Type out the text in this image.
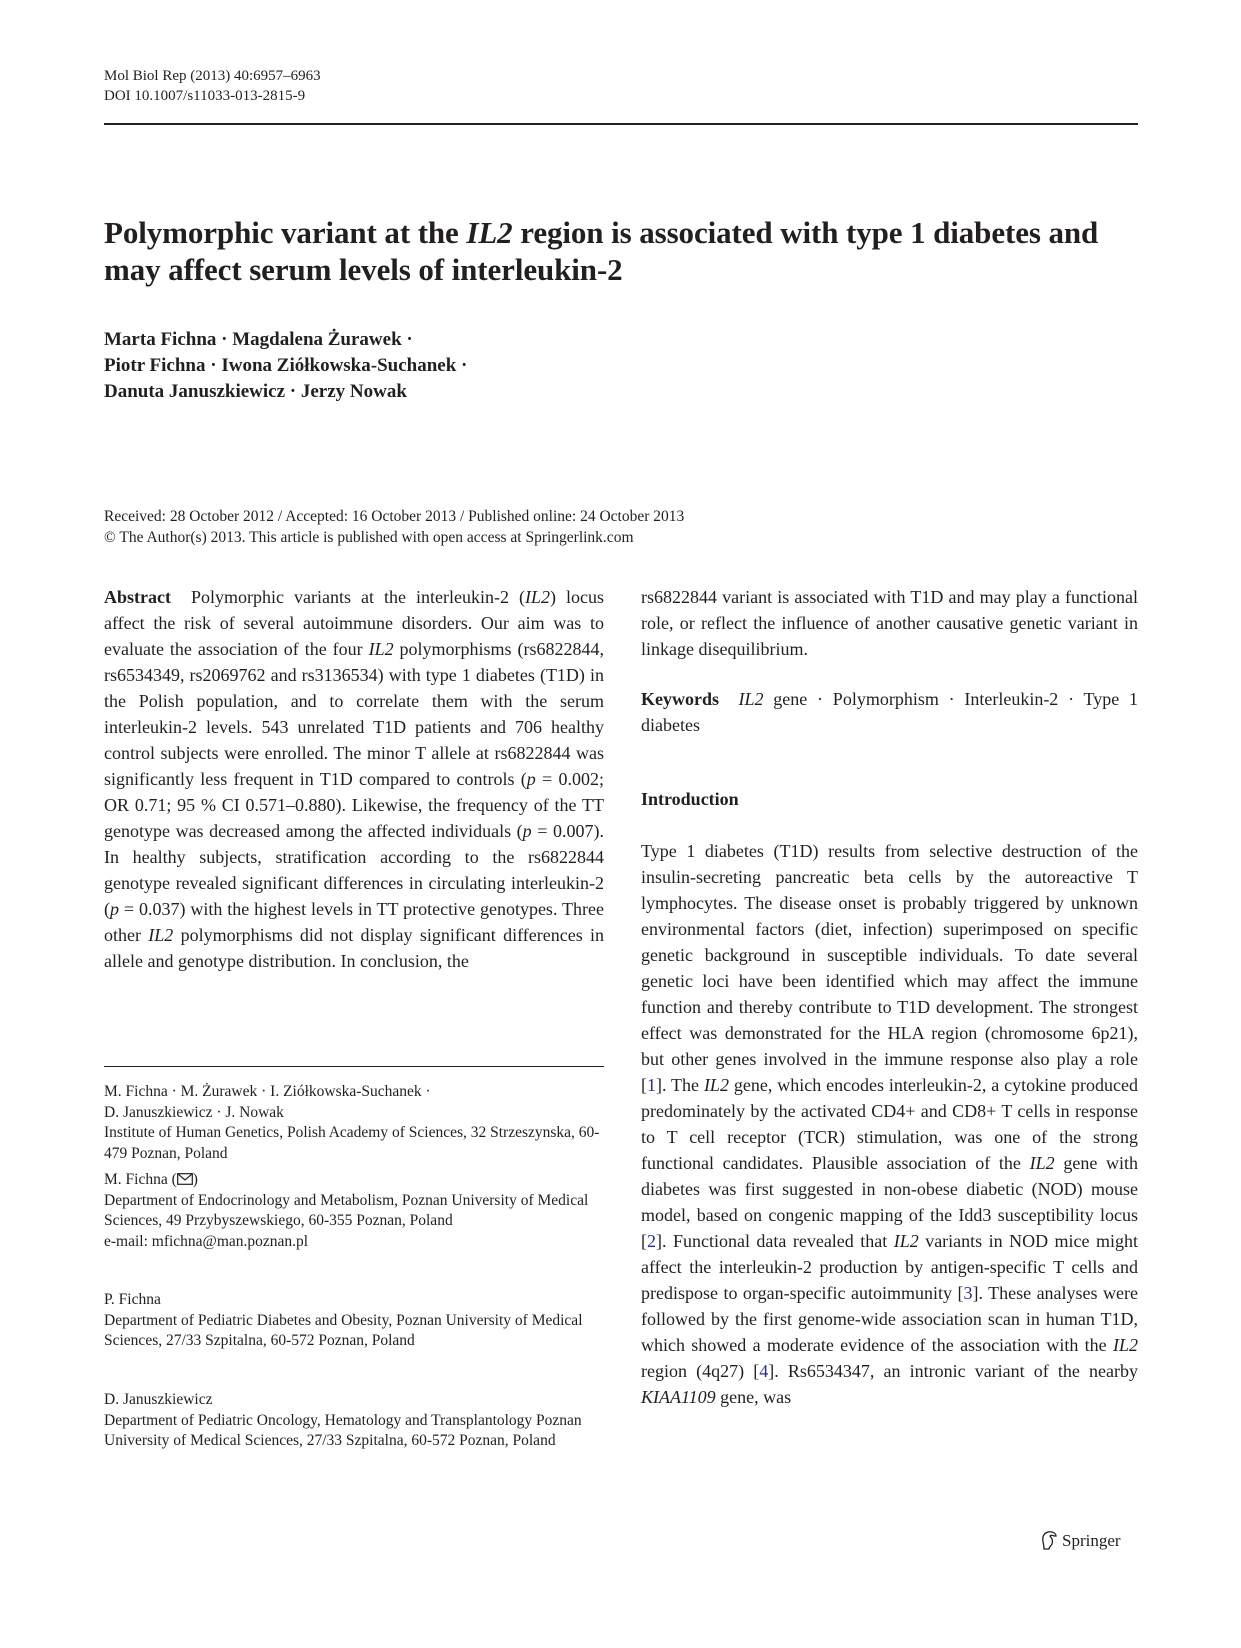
Mol Biol Rep (2013) 40:6957–6963
DOI 10.1007/s11033-013-2815-9
Polymorphic variant at the IL2 region is associated with type 1 diabetes and may affect serum levels of interleukin-2
Marta Fichna · Magdalena Żurawek ·
Piotr Fichna · Iwona Ziółkowska-Suchanek ·
Danuta Januszkiewicz · Jerzy Nowak
Received: 28 October 2012 / Accepted: 16 October 2013 / Published online: 24 October 2013
© The Author(s) 2013. This article is published with open access at Springerlink.com

Abstract Polymorphic variants at the interleukin-2 (IL2) locus affect the risk of several autoimmune disorders. Our aim was to evaluate the association of the four IL2 polymorphisms (rs6822844, rs6534349, rs2069762 and rs3136534) with type 1 diabetes (T1D) in the Polish population, and to correlate them with the serum interleukin-2 levels. 543 unrelated T1D patients and 706 healthy control subjects were enrolled. The minor T allele at rs6822844 was significantly less frequent in T1D compared to controls (p = 0.002; OR 0.71; 95 % CI 0.571–0.880). Likewise, the frequency of the TT genotype was decreased among the affected individuals (p = 0.007). In healthy subjects, stratification according to the rs6822844 genotype revealed significant differences in circulating interleukin-2 (p = 0.037) with the highest levels in TT protective genotypes. Three other IL2 polymorphisms did not display significant differences in allele and genotype distribution. In conclusion, the

M. Fichna · M. Żurawek · I. Ziółkowska-Suchanek ·

D. Januszkiewicz · J. Nowak

Institute of Human Genetics, Polish Academy of Sciences, 32 Strzeszynska, 60-479 Poznan, Poland

M. Fichna ( )

Department of Endocrinology and Metabolism, Poznan University of Medical Sciences, 49 Przybyszewskiego, 60-355 Poznan, Poland

e-mail: mfichna@man.poznan.pl

P. Fichna

Department of Pediatric Diabetes and Obesity, Poznan University of Medical Sciences, 27/33 Szpitalna, 60-572 Poznan, Poland

D. Januszkiewicz

Department of Pediatric Oncology, Hematology and Transplantology Poznan University of Medical Sciences, 27/33 Szpitalna, 60-572 Poznan, Poland

rs6822844 variant is associated with T1D and may play a functional role, or reflect the influence of another causative genetic variant in linkage disequilibrium.

Keywords IL2 gene · Polymorphism · Interleukin-2 · Type 1 diabetes

Introduction

Type 1 diabetes (T1D) results from selective destruction of the insulin-secreting pancreatic beta cells by the autoreactive T lymphocytes. The disease onset is probably triggered by unknown environmental factors (diet, infection) superimposed on specific genetic background in susceptible individuals. To date several genetic loci have been identified which may affect the immune function and thereby contribute to T1D development. The strongest effect was demonstrated for the HLA region (chromosome 6p21), but other genes involved in the immune response also play a role [1]. The IL2 gene, which encodes interleukin-2, a cytokine produced predominately by the activated CD4+ and CD8+ T cells in response to T cell receptor (TCR) stimulation, was one of the strong functional candidates. Plausible association of the IL2 gene with diabetes was first suggested in non-obese diabetic (NOD) mouse model, based on congenic mapping of the Idd3 susceptibility locus [2]. Functional data revealed that IL2 variants in NOD mice might affect the interleukin-2 production by antigen-specific T cells and predispose to organ-specific autoimmunity [3]. These analyses were followed by the first genome-wide association scan in human T1D, which showed a moderate evidence of the association with the IL2 region (4q27) [4]. Rs6534347, an intronic variant of the nearby KIAA1109 gene, was

Springer
